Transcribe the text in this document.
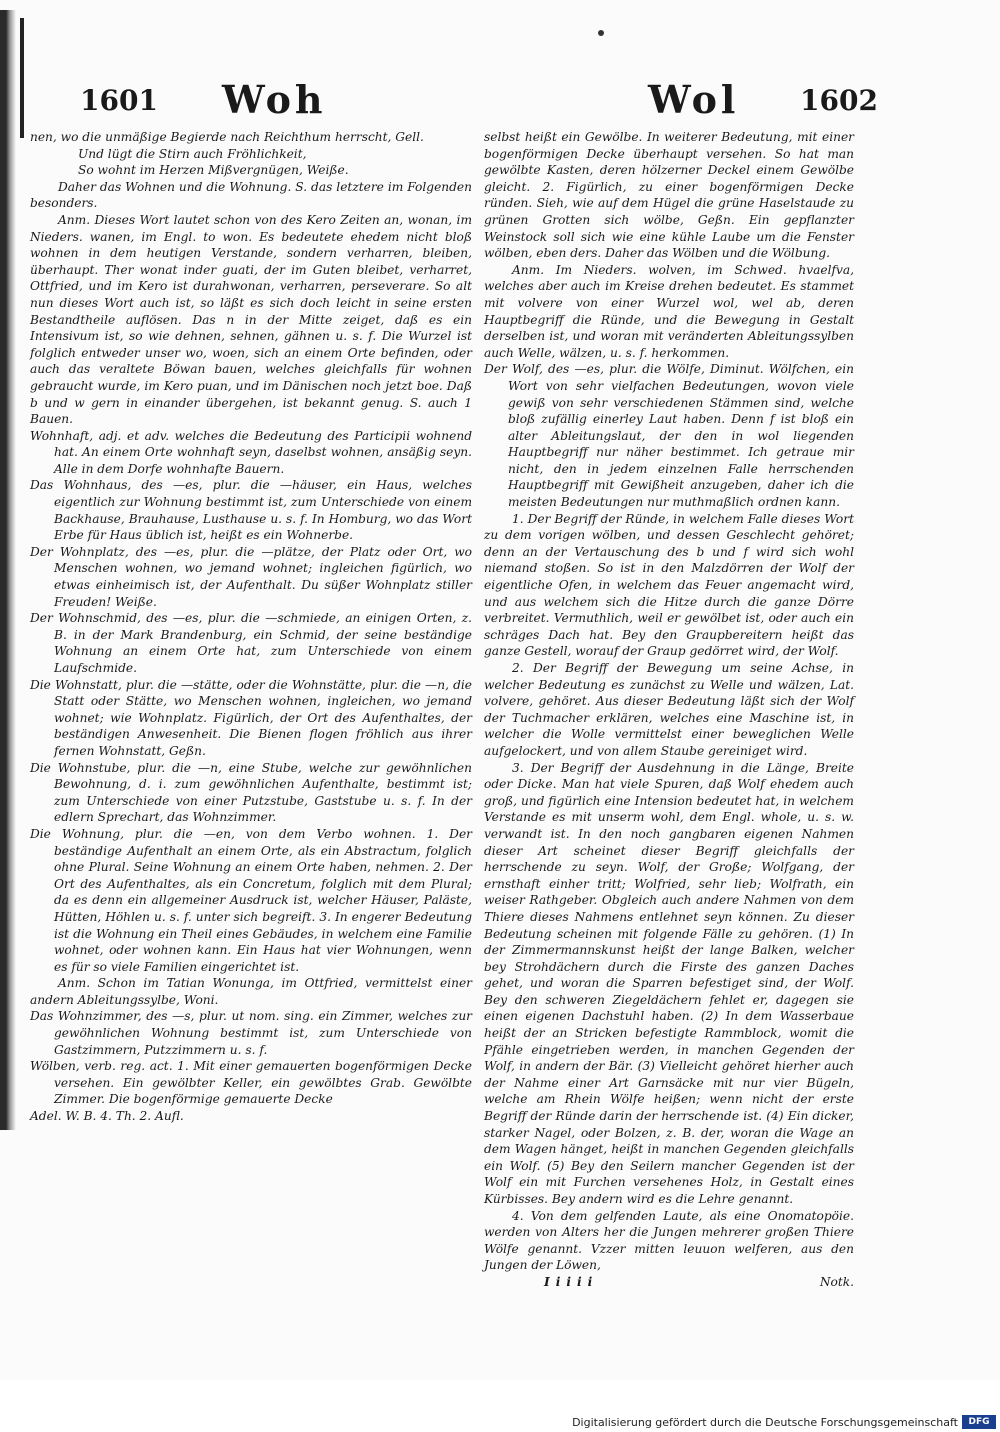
1601 Woh	Wol 1602

nen, wo die unmäßige Begierde nach Reichthum herrscht, Gell.

Und lügt die Stirn auch Fröhlichkeit,

So wohnt im Herzen Mißvergnügen, Weiße.

Daher das Wohnen und die Wohnung. S. das letztere im Folgenden besonders.

Anm. Dieses Wort lautet schon von des Kero Zeiten an, wonan, im Nieders. wanen, im Engl. to won. Es bedeutete ehedem nicht bloß wohnen in dem heutigen Verstande, sondern verharren, bleiben, überhaupt. Ther wonat inder guati, der im Guten bleibet, verharret, Ottfried, und im Kero ist durahwonan, verharren, perseverare. So alt nun dieses Wort auch ist, so läßt es sich doch leicht in seine ersten Bestandtheile auflösen. Das n in der Mitte zeiget, daß es ein Intensivum ist, so wie dehnen, sehnen, gähnen u. s. f. Die Wurzel ist folglich entweder unser wo, woen, sich an einem Orte befinden, oder auch das veraltete Böwan bauen, welches gleichfalls für wohnen gebraucht wurde, im Kero puan, und im Dänischen noch jetzt boe. Daß b und w gern in einander übergehen, ist bekannt genug. S. auch 1 Bauen.

Wohnhaft, adj. et adv. welches die Bedeutung des Participii wohnend hat. An einem Orte wohnhaft seyn, daselbst wohnen, ansäßig seyn. Alle in dem Dorfe wohnhafte Bauern.

Das Wohnhaus, des —es, plur. die —häuser, ein Haus, welches eigentlich zur Wohnung bestimmt ist, zum Unterschiede von einem Backhause, Brauhause, Lusthause u. s. f. In Homburg, wo das Wort Erbe für Haus üblich ist, heißt es ein Wohnerbe.

Der Wohnplatz, des —es, plur. die —plätze, der Platz oder Ort, wo Menschen wohnen, wo jemand wohnet; ingleichen figürlich, wo etwas einheimisch ist, der Aufenthalt. Du süßer Wohnplatz stiller Freuden! Weiße.

Der Wohnschmid, des —es, plur. die —schmiede, an einigen Orten, z. B. in der Mark Brandenburg, ein Schmid, der seine beständige Wohnung an einem Orte hat, zum Unterschiede von einem Laufschmide.

Die Wohnstatt, plur. die —stätte, oder die Wohnstätte, plur. die —n, die Statt oder Stätte, wo Menschen wohnen, ingleichen, wo jemand wohnet; wie Wohnplatz. Figürlich, der Ort des Aufenthaltes, der beständigen Anwesenheit. Die Bienen flogen fröhlich aus ihrer fernen Wohnstatt, Geßn.

Die Wohnstube, plur. die —n, eine Stube, welche zur gewöhnlichen Bewohnung, d. i. zum gewöhnlichen Aufenthalte, bestimmt ist; zum Unterschiede von einer Putzstube, Gaststube u. s. f. In der edlern Sprechart, das Wohnzimmer.

Die Wohnung, plur. die —en, von dem Verbo wohnen. 1. Der beständige Aufenthalt an einem Orte, als ein Abstractum, folglich ohne Plural. Seine Wohnung an einem Orte haben, nehmen. 2. Der Ort des Aufenthaltes, als ein Concretum, folglich mit dem Plural; da es denn ein allgemeiner Ausdruck ist, welcher Häuser, Paläste, Hütten, Höhlen u. s. f. unter sich begreift. 3. In engerer Bedeutung ist die Wohnung ein Theil eines Gebäudes, in welchem eine Familie wohnet, oder wohnen kann. Ein Haus hat vier Wohnungen, wenn es für so viele Familien eingerichtet ist.

Anm. Schon im Tatian Wonunga, im Ottfried, vermittelst einer andern Ableitungssylbe, Woni.

Das Wohnzimmer, des —s, plur. ut nom. sing. ein Zimmer, welches zur gewöhnlichen Wohnung bestimmt ist, zum Unterschiede von Gastzimmern, Putzzimmern u. s. f.

Wölben, verb. reg. act. 1. Mit einer gemauerten bogenförmigen Decke versehen. Ein gewölbter Keller, ein gewölbtes Grab. Gewölbte Zimmer. Die bogenförmige gemauerte Decke

Adel. W. B. 4. Th. 2. Aufl.

selbst heißt ein Gewölbe. In weiterer Bedeutung, mit einer bogenförmigen Decke überhaupt versehen. So hat man gewölbte Kasten, deren hölzerner Deckel einem Gewölbe gleicht. 2. Figürlich, zu einer bogenförmigen Decke ründen. Sieh, wie auf dem Hügel die grüne Haselstaude zu grünen Grotten sich wölbe, Geßn. Ein gepflanzter Weinstock soll sich wie eine kühle Laube um die Fenster wölben, eben ders. Daher das Wölben und die Wölbung.

Anm. Im Nieders. wolven, im Schwed. hvaelfva, welches aber auch im Kreise drehen bedeutet. Es stammet mit volvere von einer Wurzel wol, wel ab, deren Hauptbegriff die Ründe, und die Bewegung in Gestalt derselben ist, und woran mit veränderten Ableitungssylben auch Welle, wälzen, u. s. f. herkommen.

Der Wolf, des —es, plur. die Wölfe, Diminut. Wölfchen, ein Wort von sehr vielfachen Bedeutungen, wovon viele gewiß von sehr verschiedenen Stämmen sind, welche bloß zufällig einerley Laut haben. Denn f ist bloß ein alter Ableitungslaut, der den in wol liegenden Hauptbegriff nur näher bestimmet. Ich getraue mir nicht, den in jedem einzelnen Falle herrschenden Hauptbegriff mit Gewißheit anzugeben, daher ich die meisten Bedeutungen nur muthmaßlich ordnen kann.

1. Der Begriff der Ründe, in welchem Falle dieses Wort zu dem vorigen wölben, und dessen Geschlecht gehöret; denn an der Vertauschung des b und f wird sich wohl niemand stoßen. So ist in den Malzdörren der Wolf der eigentliche Ofen, in welchem das Feuer angemacht wird, und aus welchem sich die Hitze durch die ganze Dörre verbreitet. Vermuthlich, weil er gewölbet ist, oder auch ein schräges Dach hat. Bey den Graupbereitern heißt das ganze Gestell, worauf der Graup gedörret wird, der Wolf.

2. Der Begriff der Bewegung um seine Achse, in welcher Bedeutung es zunächst zu Welle und wälzen, Lat. volvere, gehöret. Aus dieser Bedeutung läßt sich der Wolf der Tuchmacher erklären, welches eine Maschine ist, in welcher die Wolle vermittelst einer beweglichen Welle aufgelockert, und von allem Staube gereiniget wird.

3. Der Begriff der Ausdehnung in die Länge, Breite oder Dicke. Man hat viele Spuren, daß Wolf ehedem auch groß, und figürlich eine Intension bedeutet hat, in welchem Verstande es mit unserm wohl, dem Engl. whole, u. s. w. verwandt ist. In den noch gangbaren eigenen Nahmen dieser Art scheinet dieser Begriff gleichfalls der herrschende zu seyn. Wolf, der Große; Wolfgang, der ernsthaft einher tritt; Wolfried, sehr lieb; Wolfrath, ein weiser Rathgeber. Obgleich auch andere Nahmen von dem Thiere dieses Nahmens entlehnet seyn können. Zu dieser Bedeutung scheinen mit folgende Fälle zu gehören. (1) In der Zimmermannskunst heißt der lange Balken, welcher bey Strohdächern durch die Firste des ganzen Daches gehet, und woran die Sparren befestiget sind, der Wolf. Bey den schweren Ziegeldächern fehlet er, dagegen sie einen eigenen Dachstuhl haben. (2) In dem Wasserbaue heißt der an Stricken befestigte Rammblock, womit die Pfähle eingetrieben werden, in manchen Gegenden der Wolf, in andern der Bär. (3) Vielleicht gehöret hierher auch der Nahme einer Art Garnsäcke mit nur vier Bügeln, welche am Rhein Wölfe heißen; wenn nicht der erste Begriff der Ründe darin der herrschende ist. (4) Ein dicker, starker Nagel, oder Bolzen, z. B. der, woran die Wage an dem Wagen hänget, heißt in manchen Gegenden gleichfalls ein Wolf. (5) Bey den Seilern mancher Gegenden ist der Wolf ein mit Furchen versehenes Holz, in Gestalt eines Kürbisses. Bey andern wird es die Lehre genannt.

4. Von dem gelfenden Laute, als eine Onomatopöie. werden von Alters her die Jungen mehrerer großen Thiere Wölfe genannt. Vzzer mitten leuuon welferen, aus den Jungen der Löwen,

Iiiii	Notk.

Digitalisierung gefördert durch die Deutsche Forschungsgemeinschaft	DFG
